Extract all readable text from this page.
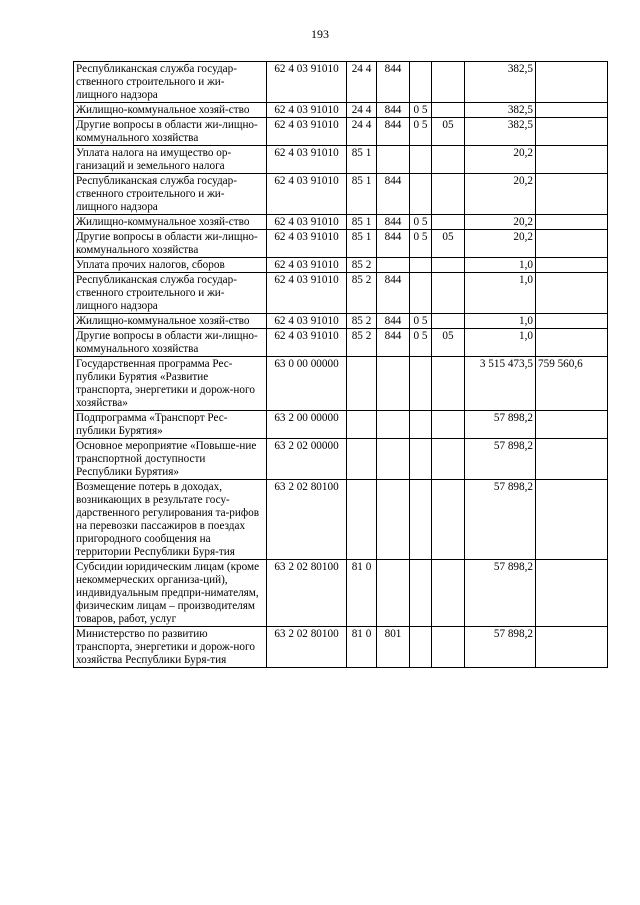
193
Республиканская служба государ-ственного строительного и жи-лищного надзора	62 4 03 91010	24 4	844			382,5	
Жилищно-коммунальное хозяй-ство	62 4 03 91010	24 4	844	0 5		382,5	
Другие вопросы в области жи-лищно-коммунального хозяйства	62 4 03 91010	24 4	844	0 5	05	382,5	
Уплата налога на имущество ор-ганизаций и земельного налога	62 4 03 91010	85 1				20,2	
Республиканская служба государ-ственного строительного и жи-лищного надзора	62 4 03 91010	85 1	844			20,2	
Жилищно-коммунальное хозяй-ство	62 4 03 91010	85 1	844	0 5		20,2	
Другие вопросы в области жи-лищно-коммунального хозяйства	62 4 03 91010	85 1	844	0 5	05	20,2	
Уплата прочих налогов, сборов	62 4 03 91010	85 2				1,0	
Республиканская служба государ-ственного строительного и жи-лищного надзора	62 4 03 91010	85 2	844			1,0	
Жилищно-коммунальное хозяй-ство	62 4 03 91010	85 2	844	0 5		1,0	
Другие вопросы в области жи-лищно-коммунального хозяйства	62 4 03 91010	85 2	844	0 5	05	1,0	
Государственная программа Рес-публики Бурятия «Развитие транспорта, энергетики и дорож-ного хозяйства»	63 0 00 00000					3 515 473,5	759 560,6
Подпрограмма «Транспорт Рес-публики Бурятия»	63 2 00 00000					57 898,2	
Основное мероприятие «Повыше-ние транспортной доступности Республики Бурятия»	63 2 02 00000					57 898,2	
Возмещение потерь в доходах, возникающих в результате госу-дарственного регулирования та-рифов на перевозки пассажиров в поездах пригородного сообщения на территории Республики Буря-тия	63 2 02 80100					57 898,2	
Субсидии юридическим лицам (кроме некоммерческих организа-ций), индивидуальным предпри-нимателям, физическим лицам – производителям товаров, работ, услуг	63 2 02 80100	81 0				57 898,2	
Министерство по развитию транспорта, энергетики и дорож-ного хозяйства Республики Буря-тия	63 2 02 80100	81 0	801			57 898,2	
